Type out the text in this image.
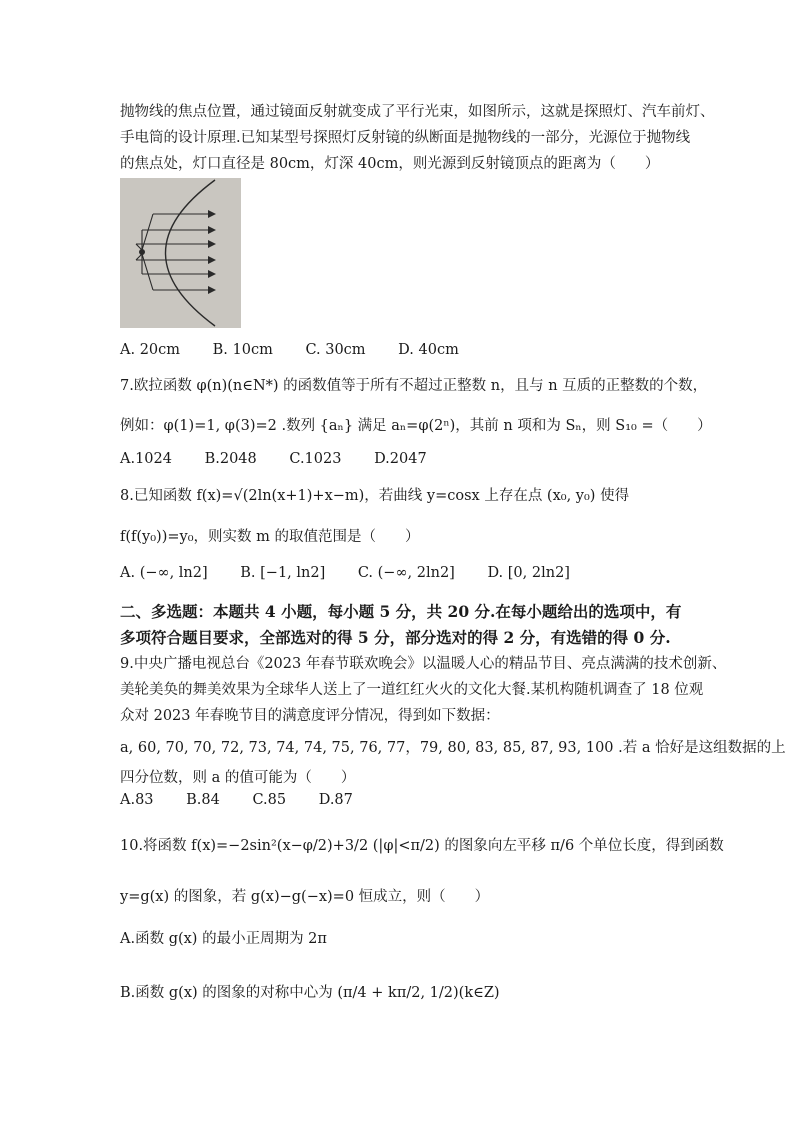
抛物线的焦点位置，通过镜面反射就变成了平行光束，如图所示，这就是探照灯、汽车前灯、
手电筒的设计原理.已知某型号探照灯反射镜的纵断面是抛物线的一部分，光源位于抛物线
的焦点处，灯口直径是 80cm，灯深 40cm，则光源到反射镜顶点的距离为（　　）
A. 20cm B. 10cm C. 30cm D. 40cm
7.欧拉函数 φ(n)(n∈N*) 的函数值等于所有不超过正整数 n，且与 n 互质的正整数的个数，
例如：φ(1)=1, φ(3)=2 .数列 {aₙ} 满足 aₙ=φ(2ⁿ)，其前 n 项和为 Sₙ，则 S₁₀ =（　　）
A.1024 B.2048 C.1023 D.2047
8.已知函数 f(x)=√(2ln(x+1)+x−m)，若曲线 y=cosx 上存在点 (x₀, y₀) 使得
f(f(y₀))=y₀，则实数 m 的取值范围是（　　）
A. (−∞, ln2] B. [−1, ln2] C. (−∞, 2ln2] D. [0, 2ln2]
二、多选题：本题共 4 小题，每小题 5 分，共 20 分.在每小题给出的选项中，有
多项符合题目要求，全部选对的得 5 分，部分选对的得 2 分，有选错的得 0 分.
9.中央广播电视总台《2023 年春节联欢晚会》以温暖人心的精品节目、亮点满满的技术创新、
美轮美奂的舞美效果为全球华人送上了一道红红火火的文化大餐.某机构随机调查了 18 位观
众对 2023 年春晚节目的满意度评分情况，得到如下数据：
a, 60, 70, 70, 72, 73, 74, 74, 75, 76, 77，79, 80, 83, 85, 87, 93, 100 .若 a 恰好是这组数据的上
四分位数，则 a 的值可能为（　　）
A.83 B.84 C.85 D.87
10.将函数 f(x)=−2sin²(x−φ/2)+3/2 (|φ|<π/2) 的图象向左平移 π/6 个单位长度，得到函数
y=g(x) 的图象，若 g(x)−g(−x)=0 恒成立，则（　　）
A.函数 g(x) 的最小正周期为 2π
B.函数 g(x) 的图象的对称中心为 (π/4 + kπ/2, 1/2)(k∈Z)
